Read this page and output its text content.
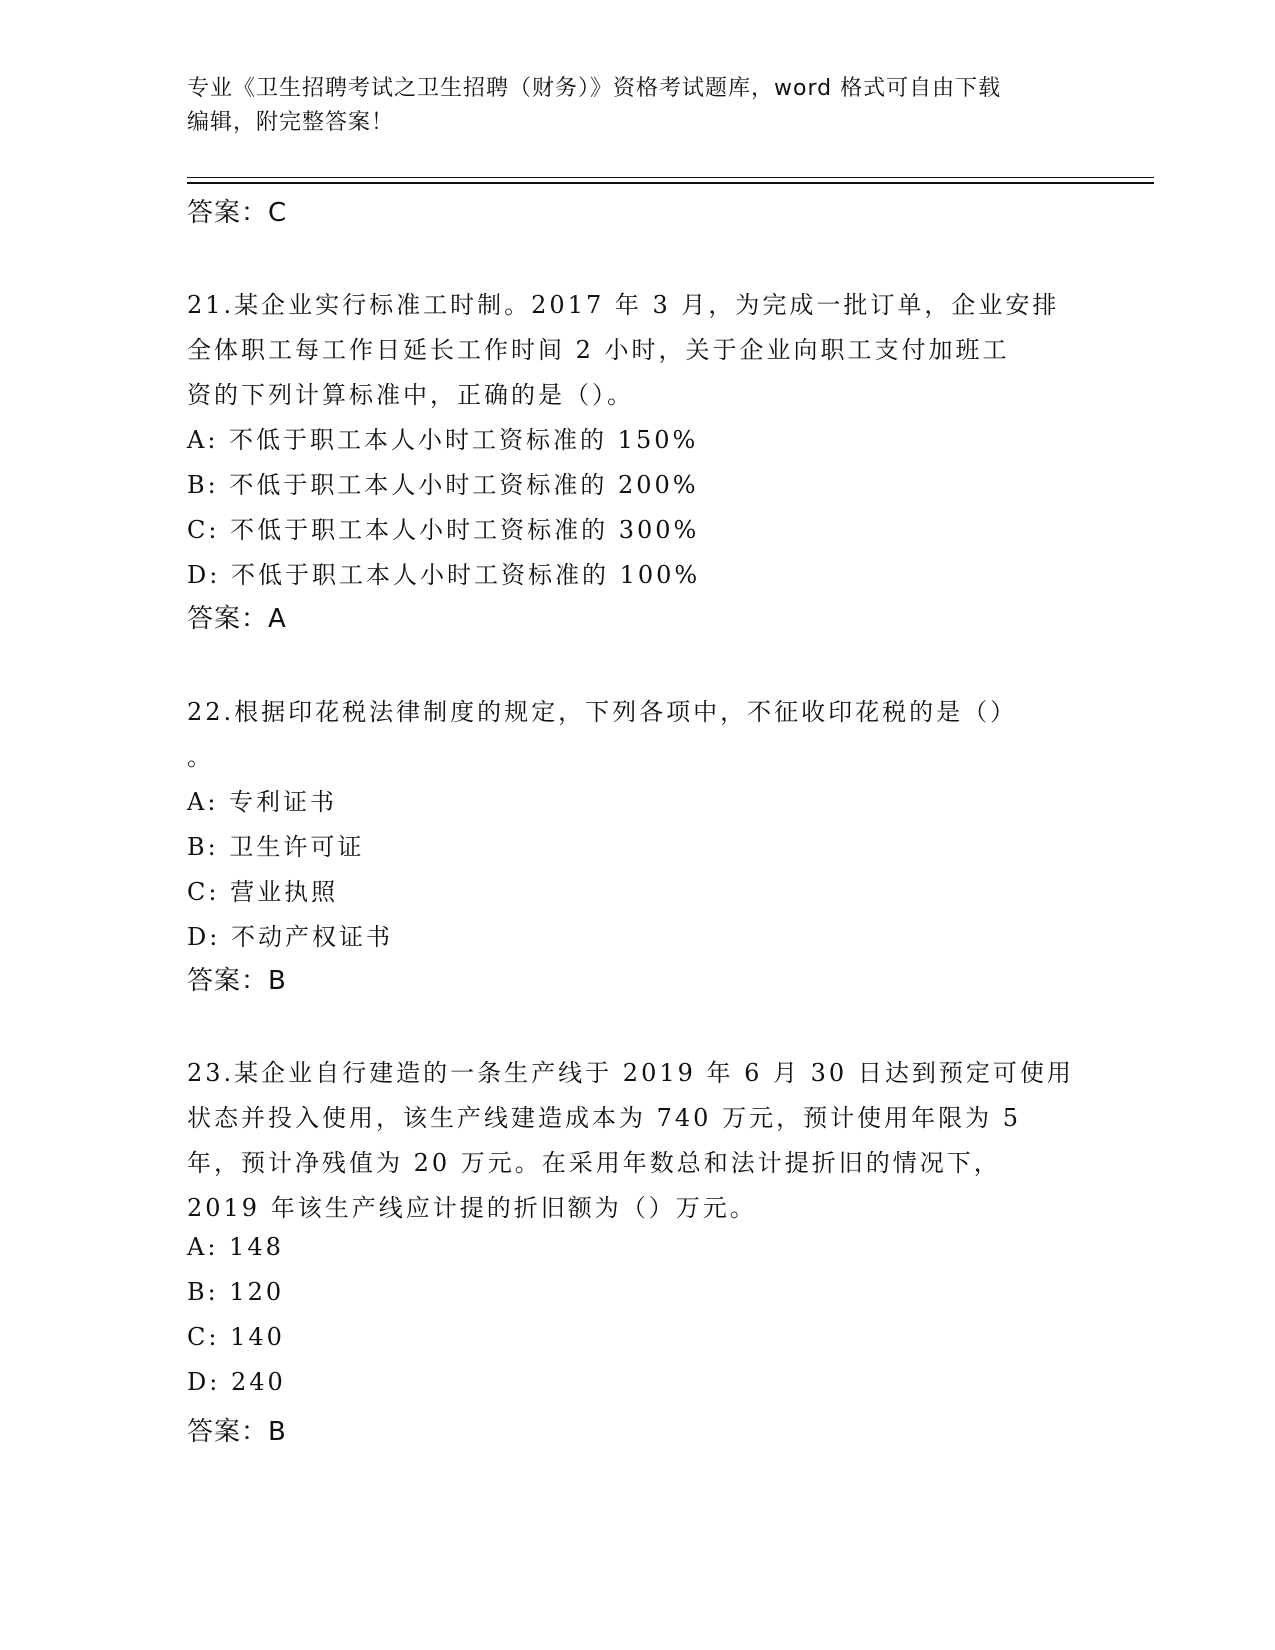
专业《卫生招聘考试之卫生招聘（财务）》资格考试题库，word 格式可自由下载
编辑，附完整答案！
答案：C
21.某企业实行标准工时制。2017 年 3 月，为完成一批订单，企业安排
全体职工每工作日延长工作时间 2 小时，关于企业向职工支付加班工
资的下列计算标准中，正确的是（）。
A: 不低于职工本人小时工资标准的 150%
B: 不低于职工本人小时工资标准的 200%
C: 不低于职工本人小时工资标准的 300%
D: 不低于职工本人小时工资标准的 100%
答案：A
22.根据印花税法律制度的规定，下列各项中，不征收印花税的是（）
。
A: 专利证书
B: 卫生许可证
C: 营业执照
D: 不动产权证书
答案：B
23.某企业自行建造的一条生产线于 2019 年 6 月 30 日达到预定可使用
状态并投入使用，该生产线建造成本为 740 万元，预计使用年限为 5
年，预计净残值为 20 万元。在采用年数总和法计提折旧的情况下，
2019 年该生产线应计提的折旧额为（）万元。
A: 148
B: 120
C: 140
D: 240
答案：B
